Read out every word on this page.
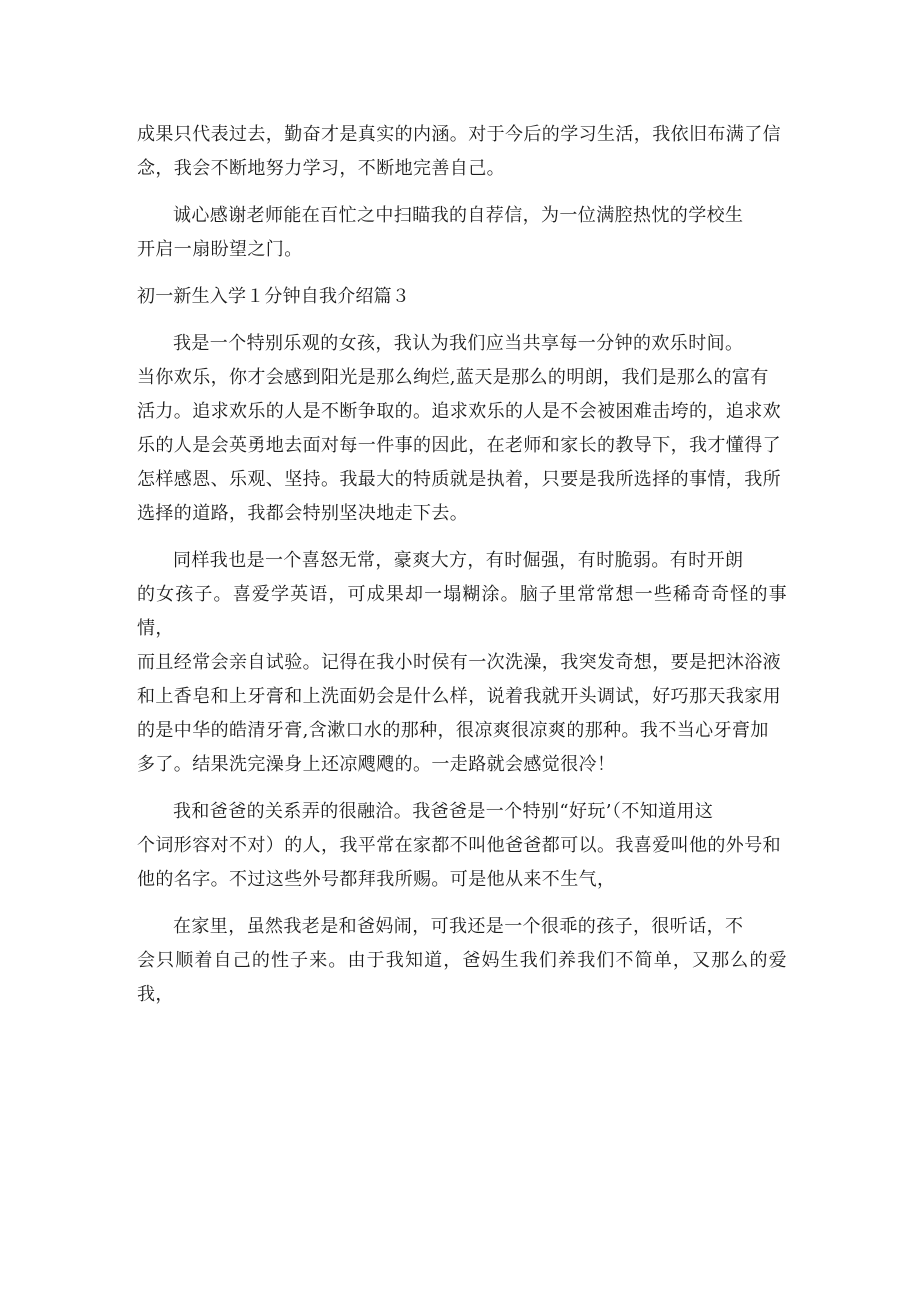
成果只代表过去，勤奋才是真实的内涵。对于今后的学习生活，我依旧布满了信
念，我会不断地努力学习，不断地完善自己。

诚心感谢老师能在百忙之中扫瞄我的自荐信，为一位满腔热忱的学校生
开启一扇盼望之门。

初一新生入学１分钟自我介绍篇３

我是一个特别乐观的女孩，我认为我们应当共享每一分钟的欢乐时间。
当你欢乐，你才会感到阳光是那么绚烂,蓝天是那么的明朗，我们是那么的富有
活力。追求欢乐的人是不断争取的。追求欢乐的人是不会被困难击垮的，追求欢
乐的人是会英勇地去面对每一件事的因此，在老师和家长的教导下，我才懂得了
怎样感恩、乐观、坚持。我最大的特质就是执着，只要是我所选择的事情，我所
选择的道路，我都会特别坚决地走下去。

同样我也是一个喜怒无常，豪爽大方，有时倔强，有时脆弱。有时开朗
的女孩子。喜爱学英语，可成果却一塌糊涂。脑子里常常想一些稀奇奇怪的事情，
而且经常会亲自试验。记得在我小时侯有一次洗澡，我突发奇想，要是把沐浴液
和上香皂和上牙膏和上洗面奶会是什么样，说着我就开头调试，好巧那天我家用
的是中华的皓清牙膏,含漱口水的那种，很凉爽很凉爽的那种。我不当心牙膏加
多了。结果洗完澡身上还凉飕飕的。一走路就会感觉很冷！

我和爸爸的关系弄的很融洽。我爸爸是一个特别“好玩’（不知道用这
个词形容对不对）的人，我平常在家都不叫他爸爸都可以。我喜爱叫他的外号和
他的名字。不过这些外号都拜我所赐。可是他从来不生气，

在家里，虽然我老是和爸妈闹，可我还是一个很乖的孩子，很听话，不
会只顺着自己的性子来。由于我知道，爸妈生我们养我们不简单，又那么的爱我，
